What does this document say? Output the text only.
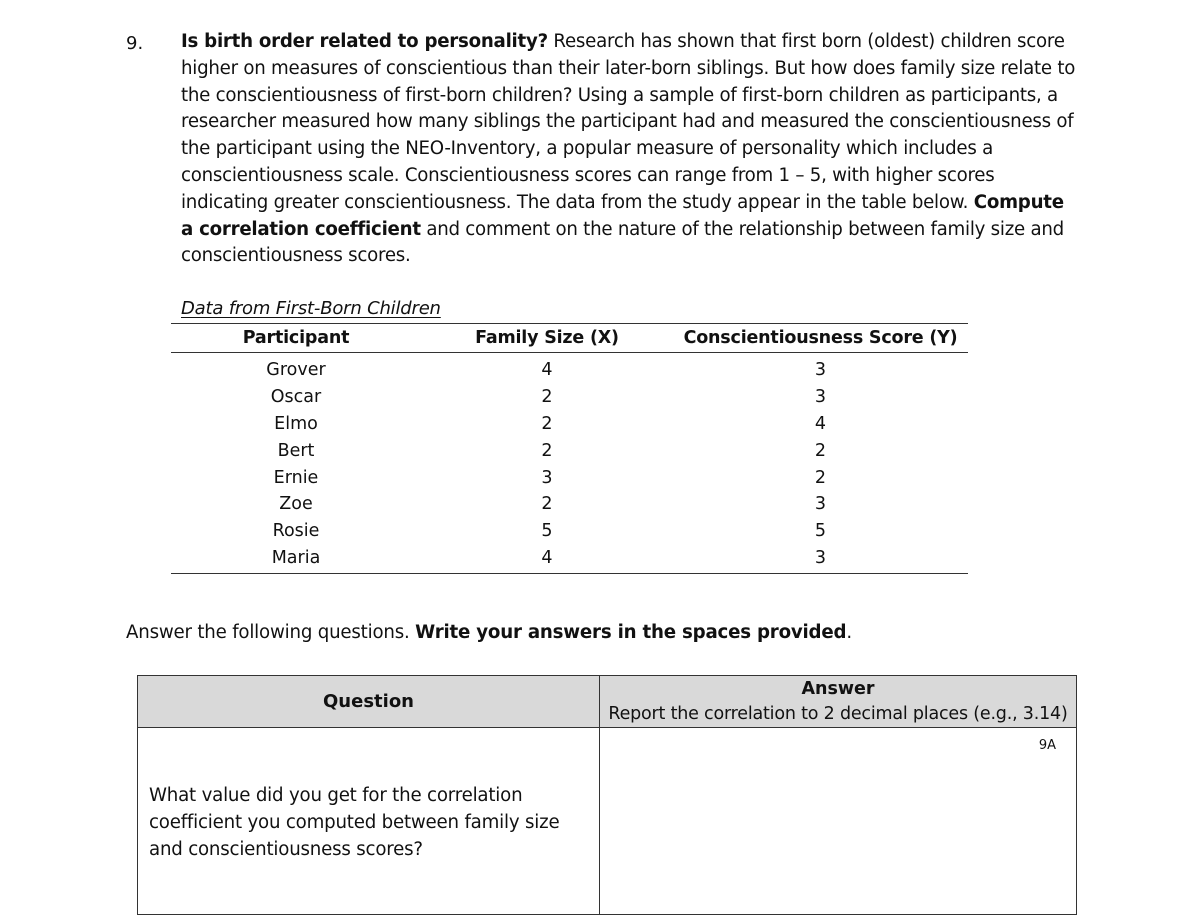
9. Is birth order related to personality? Research has shown that first born (oldest) children score higher on measures of conscientious than their later-born siblings. But how does family size relate to the conscientiousness of first-born children? Using a sample of first-born children as participants, a researcher measured how many siblings the participant had and measured the conscientiousness of the participant using the NEO-Inventory, a popular measure of personality which includes a conscientiousness scale. Conscientiousness scores can range from 1 – 5, with higher scores indicating greater conscientiousness. The data from the study appear in the table below. Compute a correlation coefficient and comment on the nature of the relationship between family size and conscientiousness scores.
Data from First-Born Children
Participant	Family Size (X)	Conscientiousness Score (Y)
Grover	4	3
Oscar	2	3
Elmo	2	4
Bert	2	2
Ernie	3	2
Zoe	2	3
Rosie	5	5
Maria	4	3
Answer the following questions. Write your answers in the spaces provided.
Question	Answer
Report the correlation to 2 decimal places (e.g., 3.14)

What value did you get for the correlation coefficient you computed between family size and conscientiousness scores?	9A
